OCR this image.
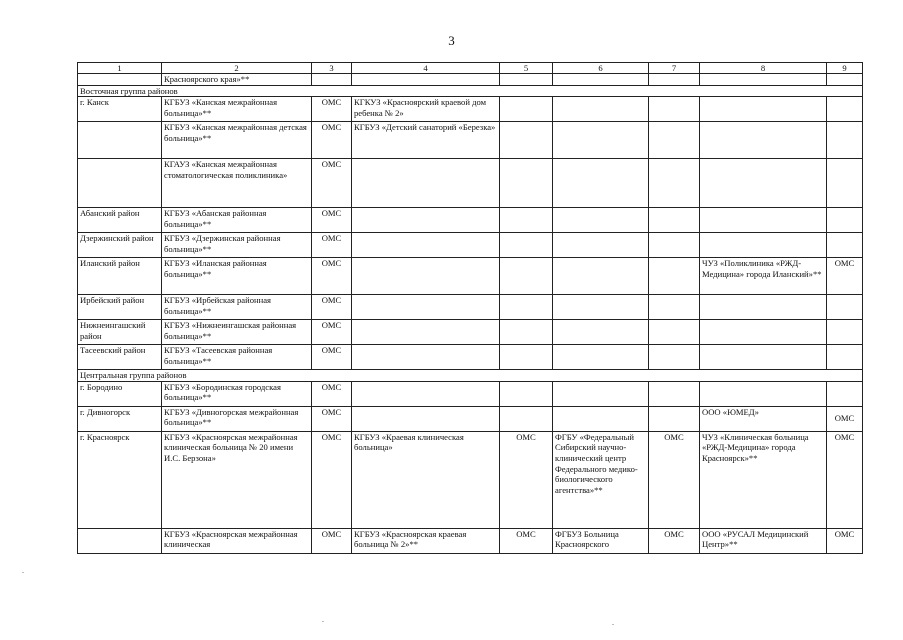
3
1	2	3	4	5	6	7	8	9
	Красноярского края»**							
Восточная группа районов								
г. Канск	КГБУЗ «Канская межрайонная больница»**	ОМС	КГКУЗ «Красноярский краевой дом ребенка № 2»					
	КГБУЗ «Канская межрайонная детская больница»**	ОМС	КГБУЗ «Детский санаторий «Березка»					
	КГАУЗ «Канская межрайонная стоматологическая поликлиника»	ОМС						
Абанский район	КГБУЗ «Абанская районная больница»**	ОМС						
Дзержинский район	КГБУЗ «Дзержинская районная больница»**	ОМС						
Иланский район	КГБУЗ «Иланская районная больница»**	ОМС					ЧУЗ «Поликлиника «РЖД-Медицина» города Иланский»**	ОМС
Ирбейский район	КГБУЗ «Ирбейская районная больница»**	ОМС						
Нижнеингашский район	КГБУЗ «Нижнеингашская районная больница»**	ОМС						
Тасеевский район	КГБУЗ «Тасеевская районная больница»**	ОМС						
Центральная группа районов								
г. Бородино	КГБУЗ «Бородинская городская больница»**	ОМС						
г. Дивногорск	КГБУЗ «Дивногорская межрайонная больница»**	ОМС					ООО «ЮМЕД»	ОМС
г. Красноярск	КГБУЗ «Красноярская межрайонная клиническая больница № 20 имени И.С. Берзона»	ОМС	КГБУЗ «Краевая клиническая больница»	ОМС	ФГБУ «Федеральный Сибирский научно-клинический центр Федерального медико-биологического агентства»**	ОМС	ЧУЗ «Клиническая больница «РЖД-Медицина» города Красноярск»**	ОМС
	КГБУЗ «Красноярская межрайонная клиническая	ОМС	КГБУЗ «Красноярская краевая больница № 2»**	ОМС	ФГБУЗ Больница Красноярского	ОМС	ООО «РУСАЛ Медицинский Центр»**	ОМС
